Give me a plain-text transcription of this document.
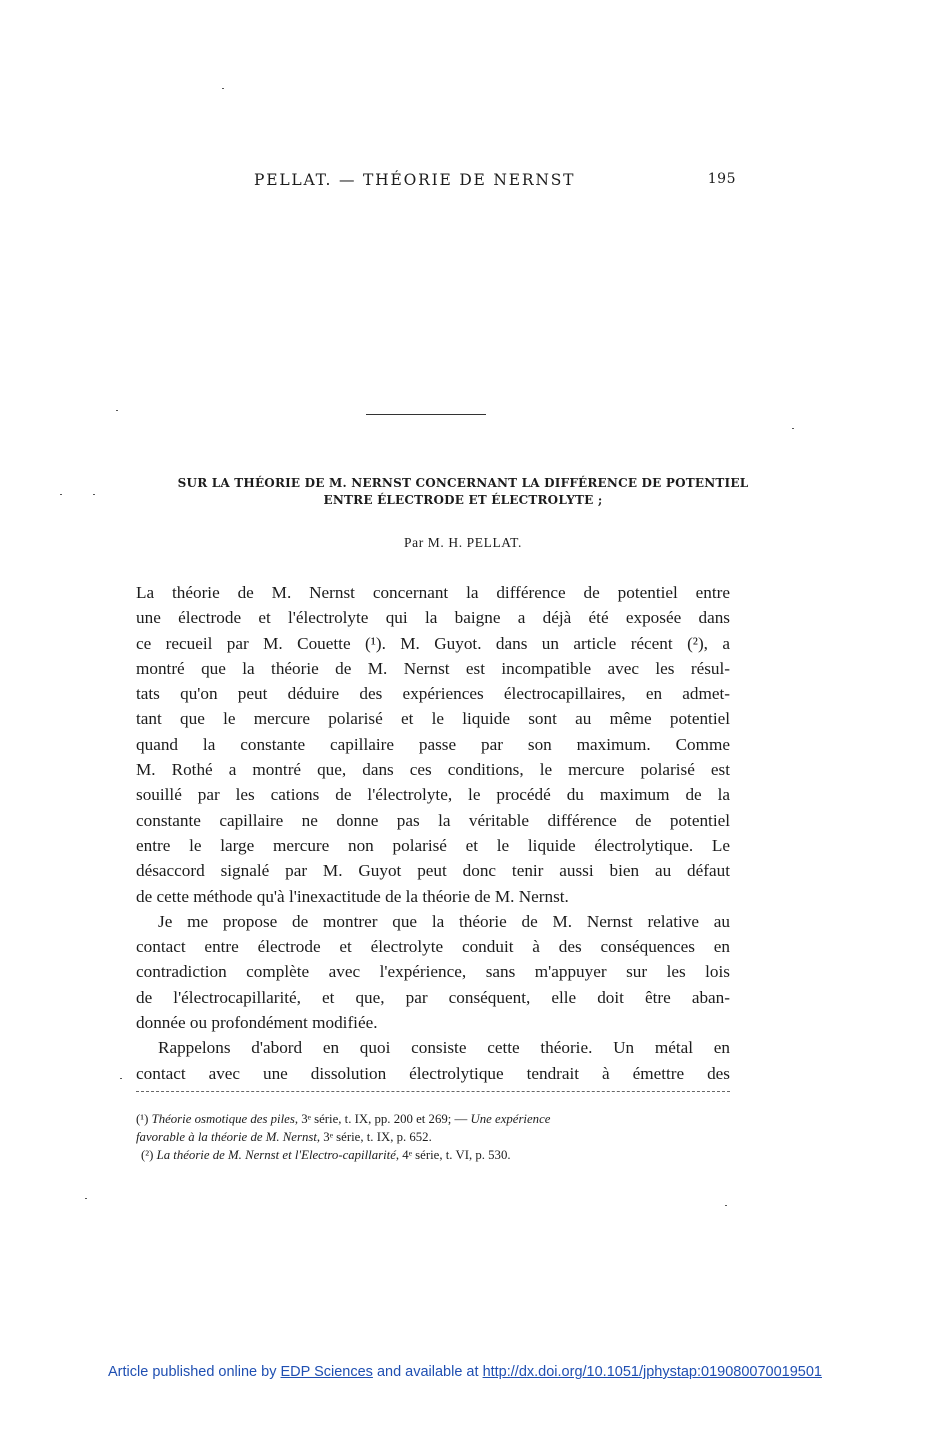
PELLAT. — THÉORIE DE NERNST	195
SUR LA THÉORIE DE M. NERNST CONCERNANT LA DIFFÉRENCE DE POTENTIEL
ENTRE ÉLECTRODE ET ÉLECTROLYTE ;
Par M. H. PELLAT.
La théorie de M. Nernst concernant la différence de potentiel entre
une électrode et l'électrolyte qui la baigne a déjà été exposée dans
ce recueil par M. Couette (¹). M. Guyot. dans un article récent (²), a
montré que la théorie de M. Nernst est incompatible avec les résul-
tats qu'on peut déduire des expériences électrocapillaires, en admet-
tant que le mercure polarisé et le liquide sont au même potentiel
quand la constante capillaire passe par son maximum. Comme
M. Rothé a montré que, dans ces conditions, le mercure polarisé est
souillé par les cations de l'électrolyte, le procédé du maximum de la
constante capillaire ne donne pas la véritable différence de potentiel
entre le large mercure non polarisé et le liquide électrolytique. Le
désaccord signalé par M. Guyot peut donc tenir aussi bien au défaut
de cette méthode qu'à l'inexactitude de la théorie de M. Nernst.
Je me propose de montrer que la théorie de M. Nernst relative au
contact entre électrode et électrolyte conduit à des conséquences en
contradiction complète avec l'expérience, sans m'appuyer sur les lois
de l'électrocapillarité, et que, par conséquent, elle doit être aban-
donnée ou profondément modifiée.
Rappelons d'abord en quoi consiste cette théorie. Un métal en
contact avec une dissolution électrolytique tendrait à émettre des
(¹) Théorie osmotique des piles, 3ᵉ série, t. IX, pp. 200 et 269; — Une expérience
favorable à la théorie de M. Nernst, 3ᵉ série, t. IX, p. 652.
(²) La théorie de M. Nernst et l'Electro-capillarité, 4ᵉ série, t. VI, p. 530.
Article published online by EDP Sciences and available at http://dx.doi.org/10.1051/jphystap:019080070019501
